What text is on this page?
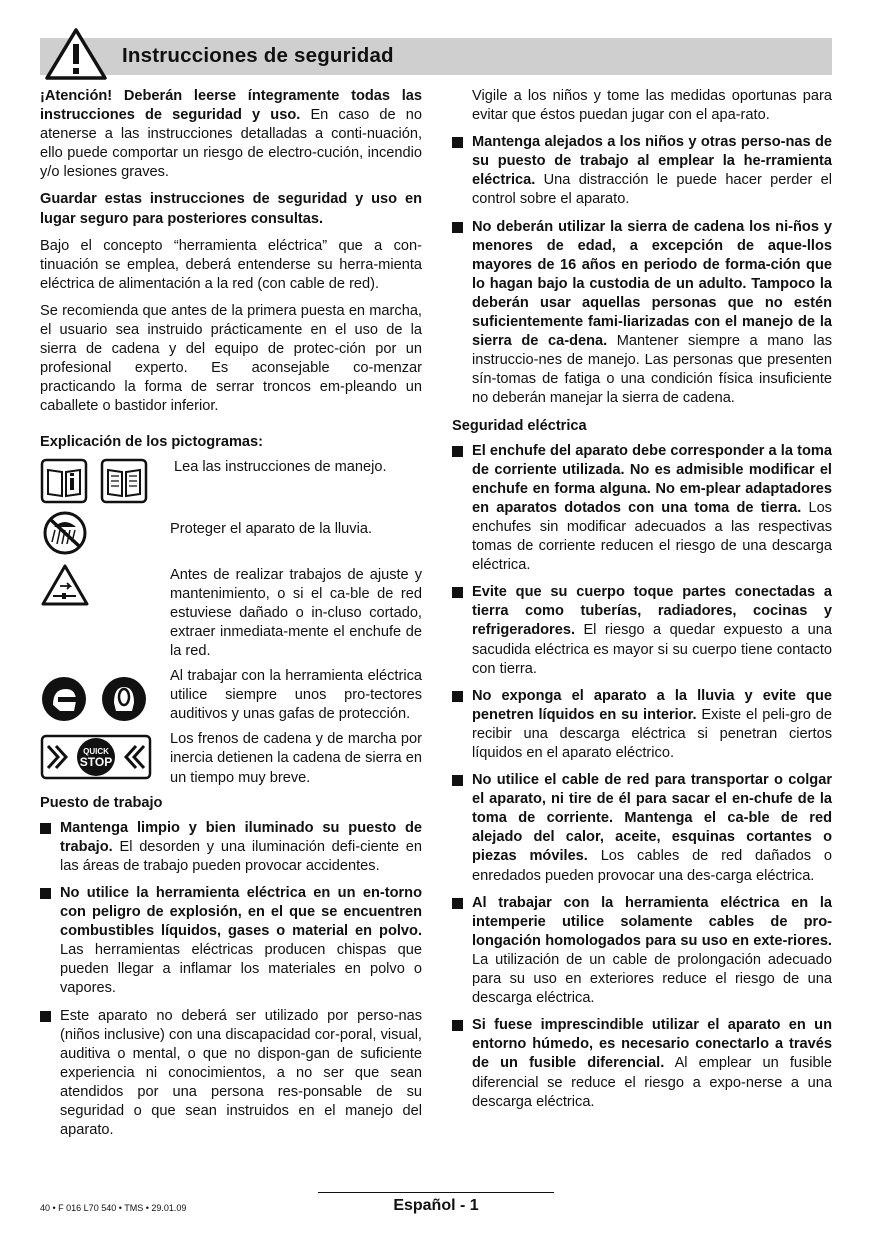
Instrucciones de seguridad

¡Atención! Deberán leerse íntegramente todas las instrucciones de seguridad y uso. En caso de no atenerse a las instrucciones detalladas a conti-nuación, ello puede comportar un riesgo de electro-cución, incendio y/o lesiones graves.

Guardar estas instrucciones de seguridad y uso en lugar seguro para posteriores consultas.

Bajo el concepto “herramienta eléctrica” que a con-tinuación se emplea, deberá entenderse su herra-mienta eléctrica de alimentación a la red (con cable de red).

Se recomienda que antes de la primera puesta en marcha, el usuario sea instruido prácticamente en el uso de la sierra de cadena y del equipo de protec-ción por un profesional experto. Es aconsejable co-menzar practicando la forma de serrar troncos em-pleando un caballete o bastidor inferior.

Explicación de los pictogramas:
Lea las instrucciones de manejo.
Proteger el aparato de la lluvia.
Antes de realizar trabajos de ajuste y mantenimiento, o si el ca-ble de red estuviese dañado o in-cluso cortado, extraer inmediata-mente el enchufe de la red.
Al trabajar con la herramienta eléctrica utilice siempre unos pro-tectores auditivos y unas gafas de protección.
QUICK
STOP
Los frenos de cadena y de marcha por inercia detienen la cadena de sierra en un tiempo muy breve.
Puesto de trabajo
Mantenga limpio y bien iluminado su puesto de trabajo. El desorden y una iluminación defi-ciente en las áreas de trabajo pueden provocar accidentes.
No utilice la herramienta eléctrica en un en-torno con peligro de explosión, en el que se encuentren combustibles líquidos, gases o material en polvo. Las herramientas eléctricas producen chispas que pueden llegar a inflamar los materiales en polvo o vapores.
Este aparato no deberá ser utilizado por perso-nas (niños inclusive) con una discapacidad cor-poral, visual, auditiva o mental, o que no dispon-gan de suficiente experiencia ni conocimientos, a no ser que sean atendidos por una persona res-ponsable de su seguridad o que sean instruidos en el manejo del aparato.

Vigile a los niños y tome las medidas oportunas para evitar que éstos puedan jugar con el apa-rato.

Mantenga alejados a los niños y otras perso-nas de su puesto de trabajo al emplear la he-rramienta eléctrica. Una distracción le puede hacer perder el control sobre el aparato.
No deberán utilizar la sierra de cadena los ni-ños y menores de edad, a excepción de aque-llos mayores de 16 años en periodo de forma-ción que lo hagan bajo la custodia de un adulto. Tampoco la deberán usar aquellas personas que no estén suficientemente fami-liarizadas con el manejo de la sierra de ca-dena. Mantener siempre a mano las instruccio-nes de manejo. Las personas que presenten sín-tomas de fatiga o una condición física insuficiente no deberán manejar la sierra de cadena.
Seguridad eléctrica
El enchufe del aparato debe corresponder a la toma de corriente utilizada. No es admisible modificar el enchufe en forma alguna. No em-plear adaptadores en aparatos dotados con una toma de tierra. Los enchufes sin modificar adecuados a las respectivas tomas de corriente reducen el riesgo de una descarga eléctrica.
Evite que su cuerpo toque partes conectadas a tierra como tuberías, radiadores, cocinas y refrigeradores. El riesgo a quedar expuesto a una sacudida eléctrica es mayor si su cuerpo tiene contacto con tierra.
No exponga el aparato a la lluvia y evite que penetren líquidos en su interior. Existe el peli-gro de recibir una descarga eléctrica si penetran ciertos líquidos en el aparato eléctrico.
No utilice el cable de red para transportar o colgar el aparato, ni tire de él para sacar el en-chufe de la toma de corriente. Mantenga el ca-ble de red alejado del calor, aceite, esquinas cortantes o piezas móviles. Los cables de red dañados o enredados pueden provocar una des-carga eléctrica.
Al trabajar con la herramienta eléctrica en la intemperie utilice solamente cables de pro-longación homologados para su uso en exte-riores. La utilización de un cable de prolongación adecuado para su uso en exteriores reduce el riesgo de una descarga eléctrica.
Si fuese imprescindible utilizar el aparato en un entorno húmedo, es necesario conectarlo a través de un fusible diferencial. Al emplear un fusible diferencial se reduce el riesgo a expo-nerse a una descarga eléctrica.
40 • F 016 L70 540 • TMS • 29.01.09	Español - 1
